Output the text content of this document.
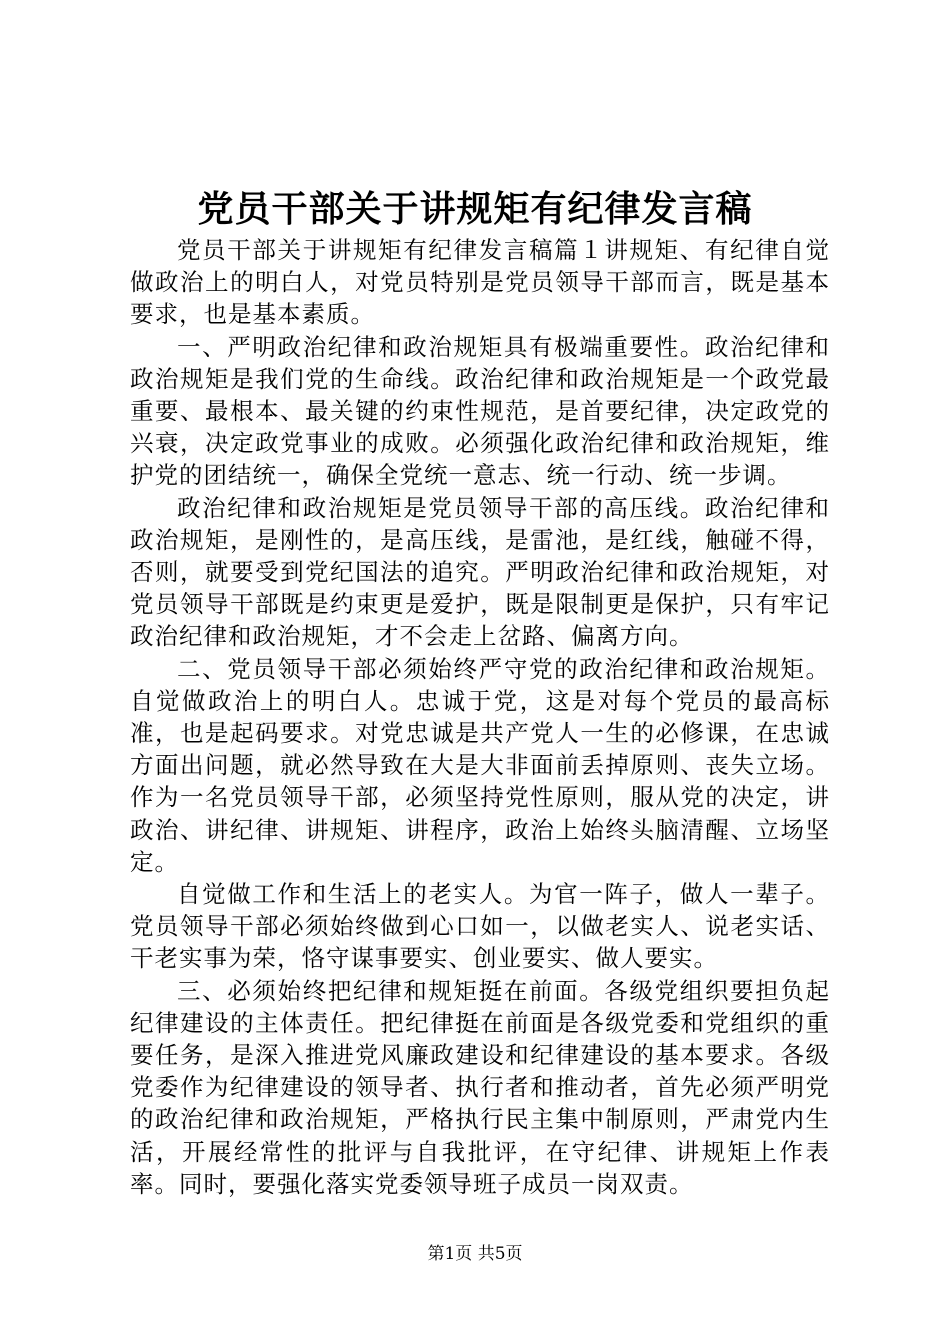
党员干部关于讲规矩有纪律发言稿

党员干部关于讲规矩有纪律发言稿篇１讲规矩、有纪律自觉做政治上的明白人，对党员特别是党员领导干部而言，既是基本要求，也是基本素质。

一、严明政治纪律和政治规矩具有极端重要性。政治纪律和政治规矩是我们党的生命线。政治纪律和政治规矩是一个政党最重要、最根本、最关键的约束性规范，是首要纪律，决定政党的兴衰，决定政党事业的成败。必须强化政治纪律和政治规矩，维护党的团结统一，确保全党统一意志、统一行动、统一步调。

政治纪律和政治规矩是党员领导干部的高压线。政治纪律和政治规矩，是刚性的，是高压线，是雷池，是红线，触碰不得，否则，就要受到党纪国法的追究。严明政治纪律和政治规矩，对党员领导干部既是约束更是爱护，既是限制更是保护，只有牢记政治纪律和政治规矩，才不会走上岔路、偏离方向。

二、党员领导干部必须始终严守党的政治纪律和政治规矩。自觉做政治上的明白人。忠诚于党，这是对每个党员的最高标准，也是起码要求。对党忠诚是共产党人一生的必修课，在忠诚方面出问题，就必然导致在大是大非面前丢掉原则、丧失立场。作为一名党员领导干部，必须坚持党性原则，服从党的决定，讲政治、讲纪律、讲规矩、讲程序，政治上始终头脑清醒、立场坚定。

自觉做工作和生活上的老实人。为官一阵子，做人一辈子。党员领导干部必须始终做到心口如一，以做老实人、说老实话、干老实事为荣，恪守谋事要实、创业要实、做人要实。

三、必须始终把纪律和规矩挺在前面。各级党组织要担负起纪律建设的主体责任。把纪律挺在前面是各级党委和党组织的重要任务，是深入推进党风廉政建设和纪律建设的基本要求。各级党委作为纪律建设的领导者、执行者和推动者，首先必须严明党的政治纪律和政治规矩，严格执行民主集中制原则，严肃党内生活，开展经常性的批评与自我批评，在守纪律、讲规矩上作表率。同时，要强化落实党委领导班子成员一岗双责。

第1页 共5页
